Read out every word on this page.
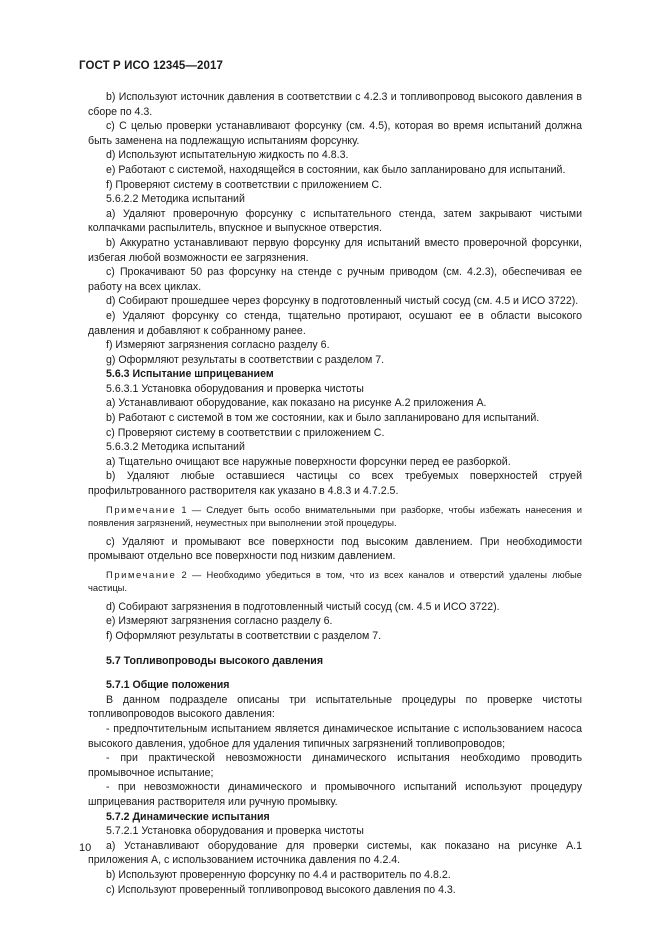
ГОСТ Р ИСО 12345—2017

b) Используют источник давления в соответствии с 4.2.3 и топливопровод высокого давления в сборе по 4.3.

c) С целью проверки устанавливают форсунку (см. 4.5), которая во время испытаний должна быть заменена на подлежащую испытаниям форсунку.

d) Используют испытательную жидкость по 4.8.3.

e) Работают с системой, находящейся в состоянии, как было запланировано для испытаний.

f) Проверяют систему в соответствии с приложением С.

5.6.2.2 Методика испытаний

a) Удаляют проверочную форсунку с испытательного стенда, затем закрывают чистыми колпачками распылитель, впускное и выпускное отверстия.

b) Аккуратно устанавливают первую форсунку для испытаний вместо проверочной форсунки, избегая любой возможности ее загрязнения.

c) Прокачивают 50 раз форсунку на стенде с ручным приводом (см. 4.2.3), обеспечивая ее работу на всех циклах.

d) Собирают прошедшее через форсунку в подготовленный чистый сосуд (см. 4.5 и ИСО 3722).

e) Удаляют форсунку со стенда, тщательно протирают, осушают ее в области высокого давления и добавляют к собранному ранее.

f) Измеряют загрязнения согласно разделу 6.

g) Оформляют результаты в соответствии с разделом 7.

5.6.3 Испытание шприцеванием

5.6.3.1 Установка оборудования и проверка чистоты

a) Устанавливают оборудование, как показано на рисунке А.2 приложения А.

b) Работают с системой в том же состоянии, как и было запланировано для испытаний.

c) Проверяют систему в соответствии с приложением С.

5.6.3.2 Методика испытаний

a) Тщательно очищают все наружные поверхности форсунки перед ее разборкой.

b) Удаляют любые оставшиеся частицы со всех требуемых поверхностей струей профильтрованного растворителя как указано в 4.8.3 и 4.7.2.5.

Примечание 1 — Следует быть особо внимательными при разборке, чтобы избежать нанесения и появления загрязнений, неуместных при выполнении этой процедуры.

c) Удаляют и промывают все поверхности под высоким давлением. При необходимости промывают отдельно все поверхности под низким давлением.

Примечание 2 — Необходимо убедиться в том, что из всех каналов и отверстий удалены любые частицы.

d) Собирают загрязнения в подготовленный чистый сосуд (см. 4.5 и ИСО 3722).

e) Измеряют загрязнения согласно разделу 6.

f) Оформляют результаты в соответствии с разделом 7.

5.7 Топливопроводы высокого давления

5.7.1 Общие положения

В данном подразделе описаны три испытательные процедуры по проверке чистоты топливопроводов высокого давления:

- предпочтительным испытанием является динамическое испытание с использованием насоса высокого давления, удобное для удаления типичных загрязнений топливопроводов;

- при практической невозможности динамического испытания необходимо проводить промывочное испытание;

- при невозможности динамического и промывочного испытаний используют процедуру шприцевания растворителя или ручную промывку.

5.7.2 Динамические испытания

5.7.2.1 Установка оборудования и проверка чистоты

a) Устанавливают оборудование для проверки системы, как показано на рисунке А.1 приложения А, с использованием источника давления по 4.2.4.

b) Используют проверенную форсунку по 4.4 и растворитель по 4.8.2.

c) Используют проверенный топливопровод высокого давления по 4.3.

10
